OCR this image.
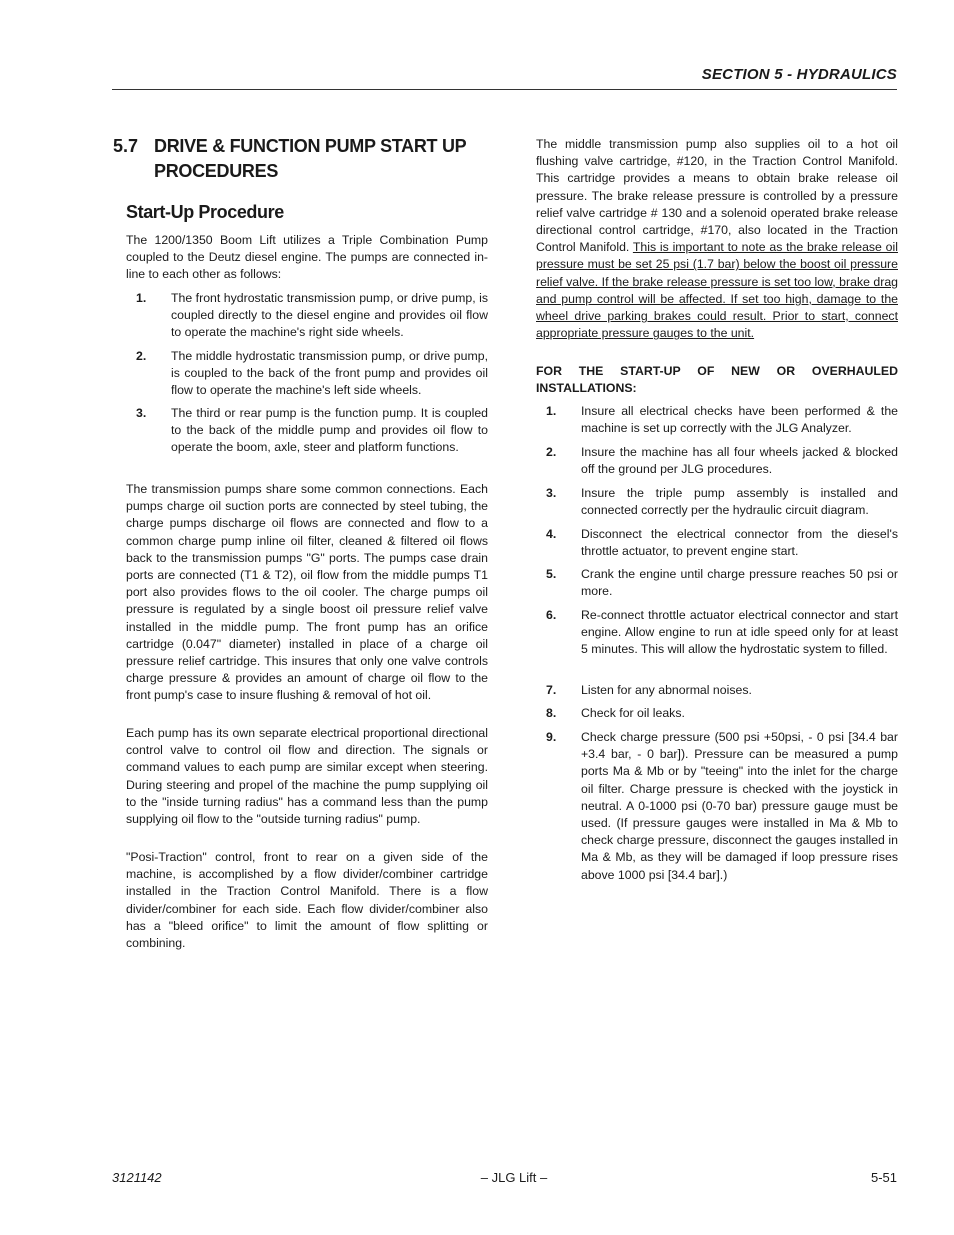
SECTION 5 - HYDRAULICS
5.7 DRIVE & FUNCTION PUMP START UP PROCEDURES
Start-Up Procedure

The 1200/1350 Boom Lift utilizes a Triple Combination Pump coupled to the Deutz diesel engine. The pumps are connected in-line to each other as follows:

1. The front hydrostatic transmission pump, or drive pump, is coupled directly to the diesel engine and provides oil flow to operate the machine's right side wheels.
2. The middle hydrostatic transmission pump, or drive pump, is coupled to the back of the front pump and provides oil flow to operate the machine's left side wheels.
3. The third or rear pump is the function pump. It is coupled to the back of the middle pump and provides oil flow to operate the boom, axle, steer and platform functions.

The transmission pumps share some common connections. Each pumps charge oil suction ports are connected by steel tubing, the charge pumps discharge oil flows are connected and flow to a common charge pump inline oil filter, cleaned & filtered oil flows back to the transmission pumps "G" ports. The pumps case drain ports are connected (T1 & T2), oil flow from the middle pumps T1 port also provides flows to the oil cooler. The charge pumps oil pressure is regulated by a single boost oil pressure relief valve installed in the middle pump. The front pump has an orifice cartridge (0.047" diameter) installed in place of a charge oil pressure relief cartridge. This insures that only one valve controls charge pressure & provides an amount of charge oil flow to the front pump's case to insure flushing & removal of hot oil.

Each pump has its own separate electrical proportional directional control valve to control oil flow and direction. The signals or command values to each pump are similar except when steering. During steering and propel of the machine the pump supplying oil to the "inside turning radius" has a command less than the pump supplying oil flow to the "outside turning radius" pump.

"Posi-Traction" control, front to rear on a given side of the machine, is accomplished by a flow divider/combiner cartridge installed in the Traction Control Manifold. There is a flow divider/combiner for each side. Each flow divider/combiner also has a "bleed orifice" to limit the amount of flow splitting or combining.

The middle transmission pump also supplies oil to a hot oil flushing valve cartridge, #120, in the Traction Control Manifold. This cartridge provides a means to obtain brake release oil pressure. The brake release pressure is controlled by a pressure relief valve cartridge # 130 and a solenoid operated brake release directional control cartridge, #170, also located in the Traction Control Manifold. This is important to note as the brake release oil pressure must be set 25 psi (1.7 bar) below the boost oil pressure relief valve. If the brake release pressure is set too low, brake drag and pump control will be affected. If set too high, damage to the wheel drive parking brakes could result. Prior to start, connect appropriate pressure gauges to the unit.

FOR THE START-UP OF NEW OR OVERHAULED INSTALLATIONS:

1. Insure all electrical checks have been performed & the machine is set up correctly with the JLG Analyzer.
2. Insure the machine has all four wheels jacked & blocked off the ground per JLG procedures.
3. Insure the triple pump assembly is installed and connected correctly per the hydraulic circuit diagram.
4. Disconnect the electrical connector from the diesel's throttle actuator, to prevent engine start.
5. Crank the engine until charge pressure reaches 50 psi or more.
6. Re-connect throttle actuator electrical connector and start engine. Allow engine to run at idle speed only for at least 5 minutes. This will allow the hydrostatic system to filled.
7. Listen for any abnormal noises.
8. Check for oil leaks.
9. Check charge pressure (500 psi +50psi, - 0 psi [34.4 bar +3.4 bar, - 0 bar]). Pressure can be measured a pump ports Ma & Mb or by "teeing" into the inlet for the charge oil filter. Charge pressure is checked with the joystick in neutral. A 0-1000 psi (0-70 bar) pressure gauge must be used. (If pressure gauges were installed in Ma & Mb to check charge pressure, disconnect the gauges installed in Ma & Mb, as they will be damaged if loop pressure rises above 1000 psi [34.4 bar].)
3121142	– JLG Lift –	5-51
